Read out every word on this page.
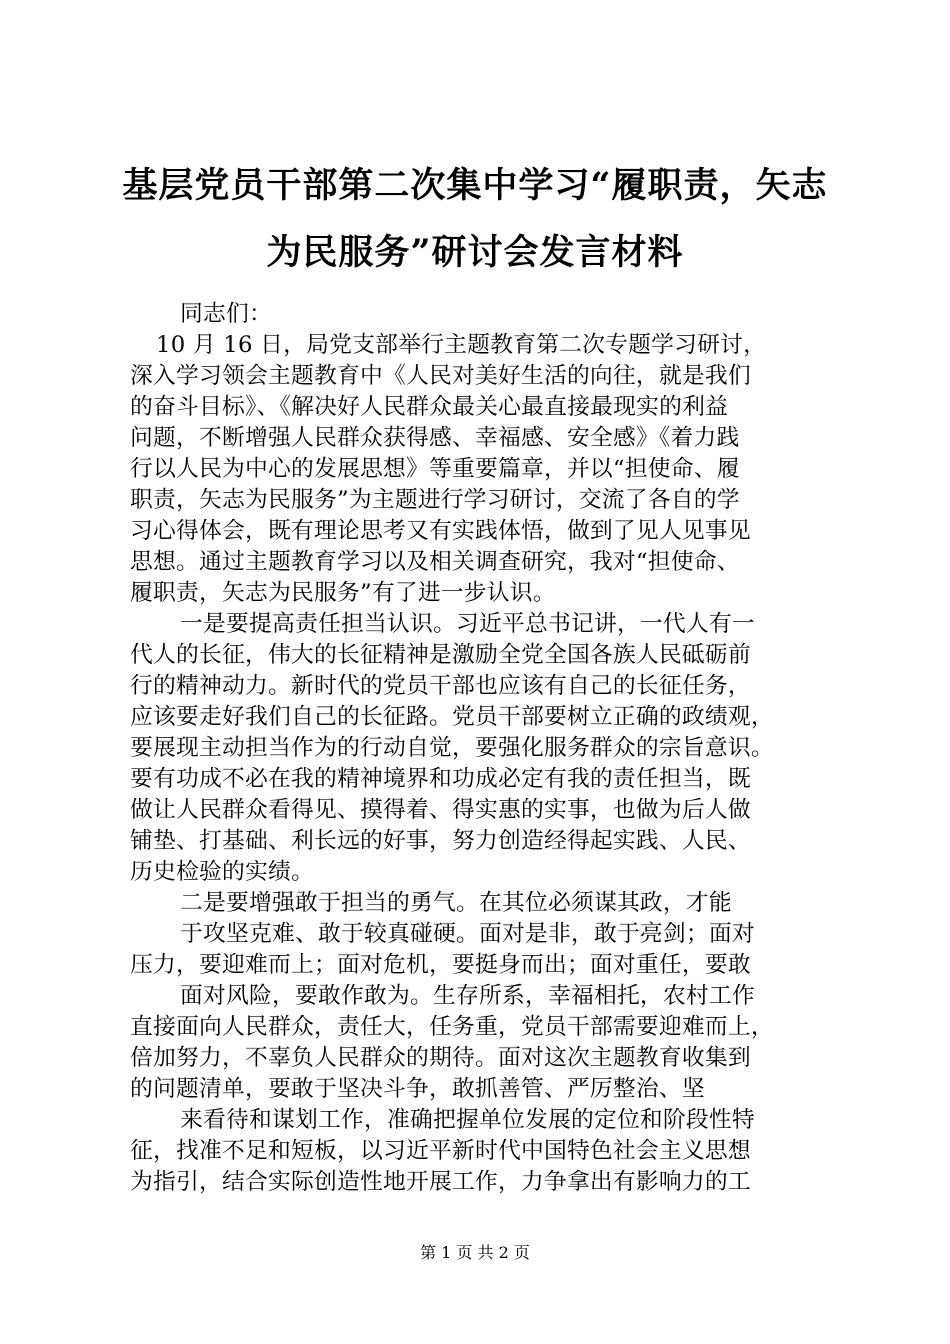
基层党员干部第二次集中学习“履职责，矢志
为民服务”研讨会发言材料
同志们：
10 月 16 日，局党支部举行主题教育第二次专题学习研讨，
深入学习领会主题教育中《人民对美好生活的向往，就是我们
的奋斗目标》、《解决好人民群众最关心最直接最现实的利益
问题，不断增强人民群众获得感、幸福感、安全感》《着力践
行以人民为中心的发展思想》等重要篇章，并以“担使命、履
职责，矢志为民服务”为主题进行学习研讨，交流了各自的学
习心得体会，既有理论思考又有实践体悟，做到了见人见事见
思想。通过主题教育学习以及相关调查研究，我对“担使命、
履职责，矢志为民服务”有了进一步认识。
一是要提高责任担当认识。习近平总书记讲，一代人有一
代人的长征，伟大的长征精神是激励全党全国各族人民砥砺前
行的精神动力。新时代的党员干部也应该有自己的长征任务，
应该要走好我们自己的长征路。党员干部要树立正确的政绩观，
要展现主动担当作为的行动自觉，要强化服务群众的宗旨意识。
要有功成不必在我的精神境界和功成必定有我的责任担当，既
做让人民群众看得见、摸得着、得实惠的实事，也做为后人做
铺垫、打基础、利长远的好事，努力创造经得起实践、人民、
历史检验的实绩。
二是要增强敢于担当的勇气。在其位必须谋其政，才能
于攻坚克难、敢于较真碰硬。面对是非，敢于亮剑；面对
压力，要迎难而上；面对危机，要挺身而出；面对重任，要敢
面对风险，要敢作敢为。生存所系，幸福相托，农村工作
直接面向人民群众，责任大，任务重，党员干部需要迎难而上，
倍加努力，不辜负人民群众的期待。面对这次主题教育收集到
的问题清单，要敢于坚决斗争，敢抓善管、严厉整治、坚
来看待和谋划工作，准确把握单位发展的定位和阶段性特
征，找准不足和短板，以习近平新时代中国特色社会主义思想
为指引，结合实际创造性地开展工作，力争拿出有影响力的工
第 1 页 共 2 页
